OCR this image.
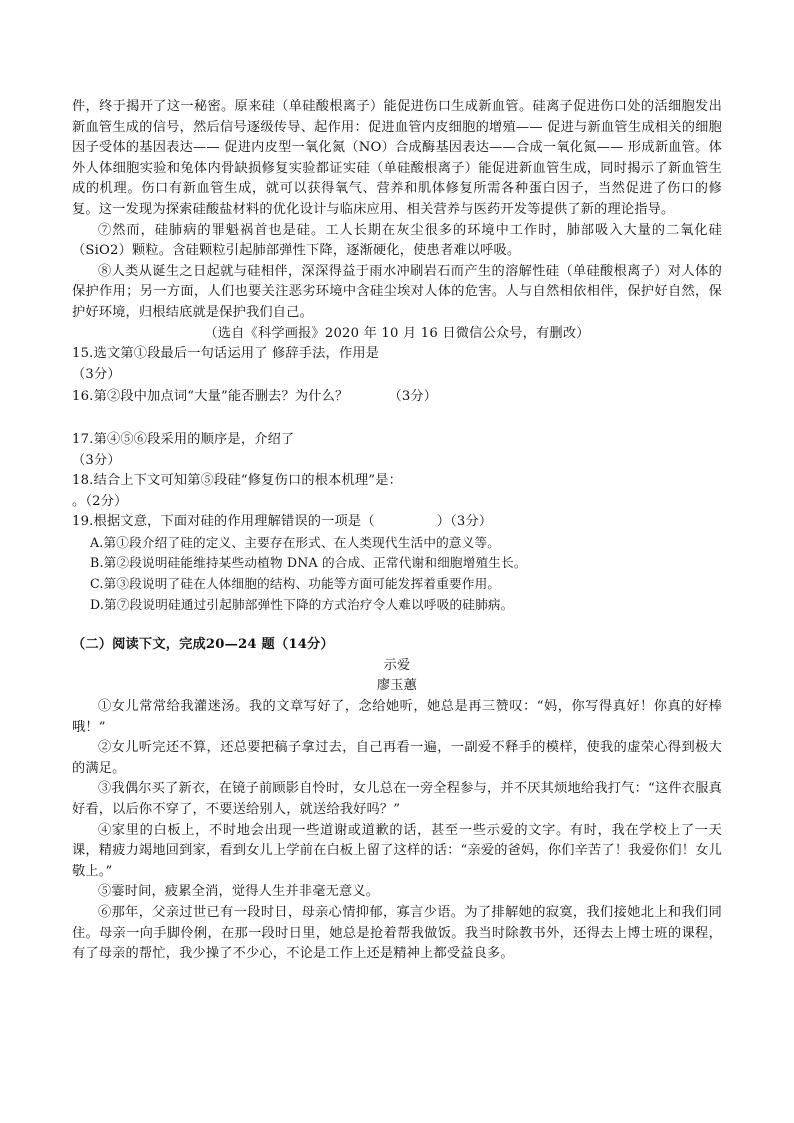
件，终于揭开了这一秘密。原来硅（单硅酸根离子）能促进伤口生成新血管。硅离子促进伤口处的活细胞发出新血管生成的信号，然后信号逐级传导、起作用：促进血管内皮细胞的增殖—— 促进与新血管生成相关的细胞因子受体的基因表达—— 促进内皮型一氧化氮（NO）合成酶基因表达——合成一氧化氮—— 形成新血管。体外人体细胞实验和兔体内骨缺损修复实验都证实硅（单硅酸根离子）能促进新血管生成，同时揭示了新血管生成的机理。伤口有新血管生成，就可以获得氧气、营养和肌体修复所需各种蛋白因子，当然促进了伤口的修复。这一发现为探索硅酸盐材料的优化设计与临床应用、相关营养与医药开发等提供了新的理论指导。

⑦然而，硅肺病的罪魁祸首也是硅。工人长期在灰尘很多的环境中工作时，肺部吸入大量的二氧化硅（SiO2）颗粒。含硅颗粒引起肺部弹性下降，逐渐硬化，使患者难以呼吸。

⑧人类从诞生之日起就与硅相伴，深深得益于雨水冲刷岩石而产生的溶解性硅（单硅酸根离子）对人体的保护作用；另一方面，人们也要关注恶劣环境中含硅尘埃对人体的危害。人与自然相依相伴，保护好自然，保护好环境，归根结底就是保护我们自己。

（选自《科学画报》2020 年 10 月 16 日微信公众号，有删改）

15.选文第①段最后一句话运用了 修辞手法，作用是

（3分）

16.第②段中加点词“大量”能否删去？为什么？	（3分）

17.第④⑤⑥段采用的顺序是，介绍了

（3分）

18.结合上下文可知第⑤段硅“修复伤口的根本机理”是：

。（2分）

19.根据文意，下面对硅的作用理解错误的一项是（	）（3分）

A.第①段介绍了硅的定义、主要存在形式、在人类现代生活中的意义等。

B.第②段说明硅能维持某些动植物 DNA 的合成、正常代谢和细胞增殖生长。

C.第③段说明了硅在人体细胞的结构、功能等方面可能发挥着重要作用。

D.第⑦段说明硅通过引起肺部弹性下降的方式治疗令人难以呼吸的硅肺病。

（二）阅读下文，完成20—24 题（14分）

示爱

廖玉蕙

①女儿常常给我灌迷汤。我的文章写好了，念给她听，她总是再三赞叹：“妈，你写得真好！你真的好棒哦！”

②女儿听完还不算，还总要把稿子拿过去，自己再看一遍，一副爱不释手的模样，使我的虚荣心得到极大的满足。

③我偶尔买了新衣，在镜子前顾影自怜时，女儿总在一旁全程参与，并不厌其烦地给我打气：“这件衣服真好看，以后你不穿了，不要送给别人，就送给我好吗？”

④家里的白板上，不时地会出现一些道谢或道歉的话，甚至一些示爱的文字。有时，我在学校上了一天课，精疲力竭地回到家，看到女儿上学前在白板上留了这样的话：“亲爱的爸妈，你们辛苦了！我爱你们！女儿敬上。”

⑤霎时间，疲累全消，觉得人生并非毫无意义。

⑥那年，父亲过世已有一段时日，母亲心情抑郁，寡言少语。为了排解她的寂寞，我们接她北上和我们同住。母亲一向手脚伶俐，在那一段时日里，她总是抢着帮我做饭。我当时除教书外，还得去上博士班的课程，有了母亲的帮忙，我少操了不少心，不论是工作上还是精神上都受益良多。
